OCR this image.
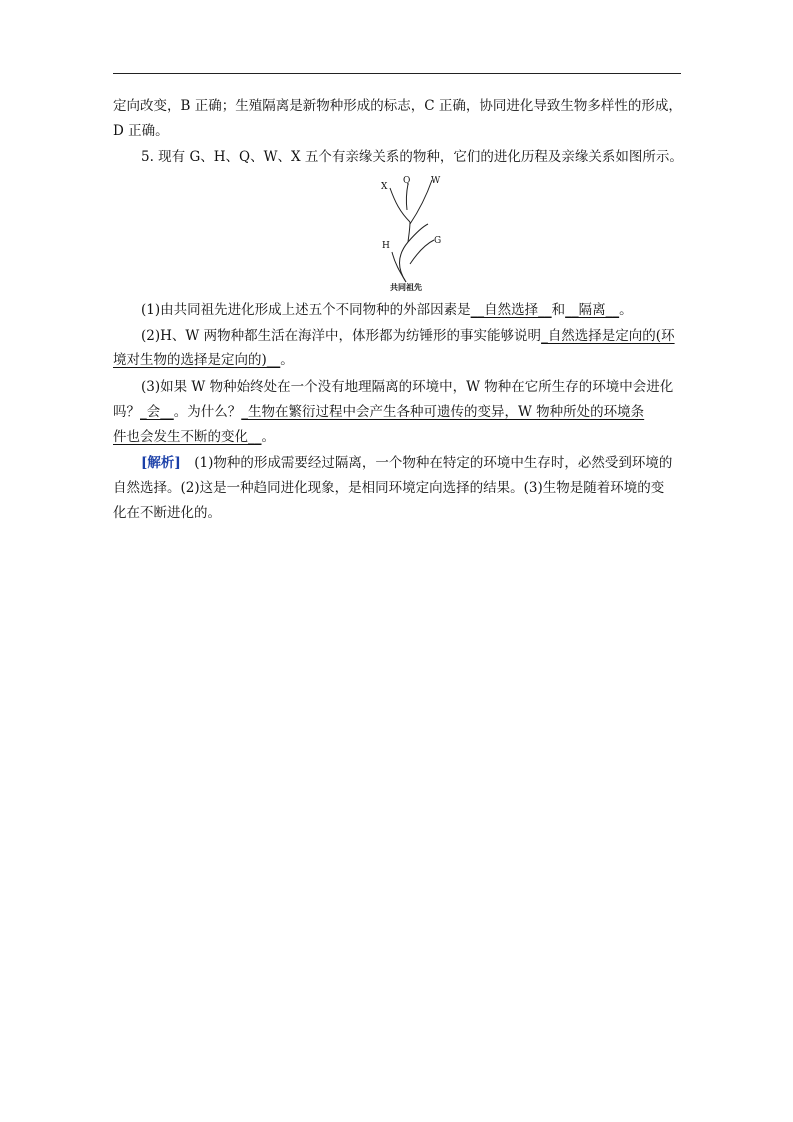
定向改变，B 正确；生殖隔离是新物种形成的标志，C 正确，协同进化导致生物多样性的形成，
D 正确。
5. 现有 G、H、Q、W、X 五个有亲缘关系的物种，它们的进化历程及亲缘关系如图所示。
X
Q W
H	G
共同祖先
(1)由共同祖先进化形成上述五个不同物种的外部因素是__自然选择__和__隔离__。
(2)H、W 两物种都生活在海洋中，体形都为纺锤形的事实能够说明_自然选择是定向的(环
境对生物的选择是定向的)__。
(3)如果 W 物种始终处在一个没有地理隔离的环境中，W 物种在它所生存的环境中会进化
吗？_会__。为什么？_生物在繁衍过程中会产生各种可遗传的变异，W 物种所处的环境条
件也会发生不断的变化__。
[解析]　(1)物种的形成需要经过隔离，一个物种在特定的环境中生存时，必然受到环境的
自然选择。(2)这是一种趋同进化现象，是相同环境定向选择的结果。(3)生物是随着环境的变
化在不断进化的。
